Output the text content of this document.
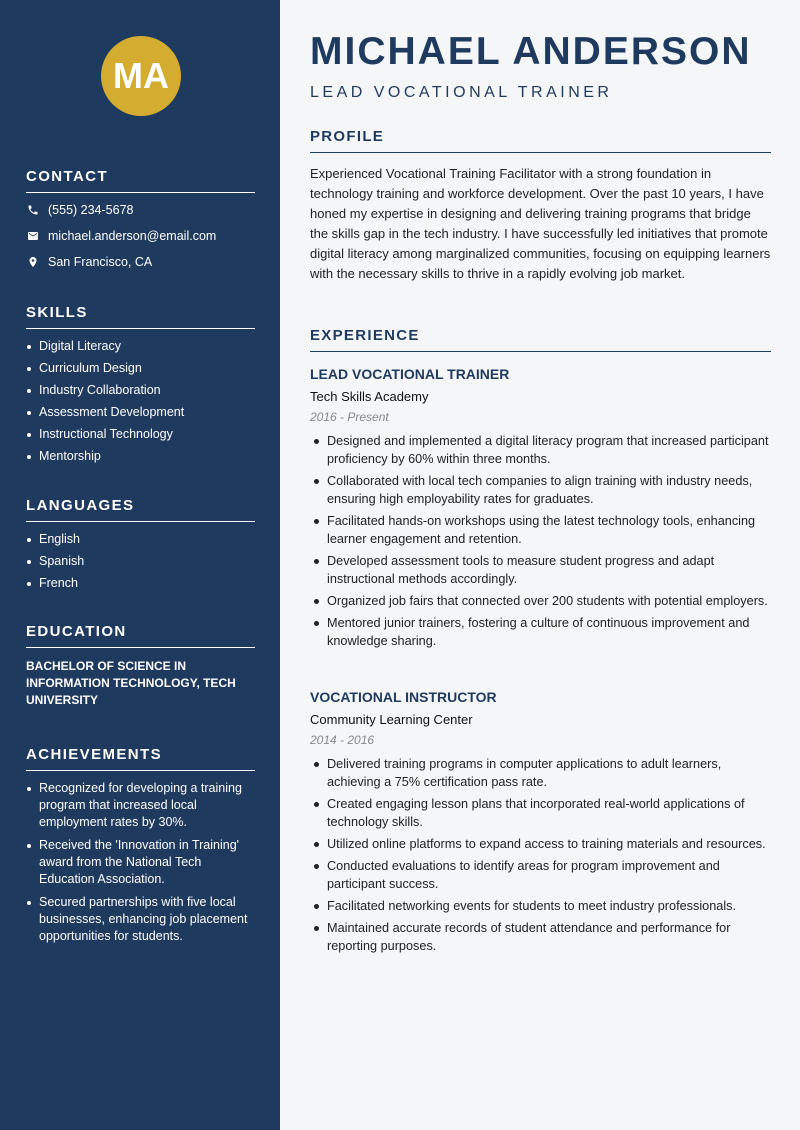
MA
CONTACT
(555) 234-5678
michael.anderson@email.com
San Francisco, CA
SKILLS
Digital Literacy
Curriculum Design
Industry Collaboration
Assessment Development
Instructional Technology
Mentorship
LANGUAGES
English
Spanish
French
EDUCATION
BACHELOR OF SCIENCE IN INFORMATION TECHNOLOGY, TECH UNIVERSITY
ACHIEVEMENTS
Recognized for developing a training program that increased local employment rates by 30%.
Received the 'Innovation in Training' award from the National Tech Education Association.
Secured partnerships with five local businesses, enhancing job placement opportunities for students.
MICHAEL ANDERSON
LEAD VOCATIONAL TRAINER
PROFILE
Experienced Vocational Training Facilitator with a strong foundation in technology training and workforce development. Over the past 10 years, I have honed my expertise in designing and delivering training programs that bridge the skills gap in the tech industry. I have successfully led initiatives that promote digital literacy among marginalized communities, focusing on equipping learners with the necessary skills to thrive in a rapidly evolving job market.
EXPERIENCE
LEAD VOCATIONAL TRAINER
Tech Skills Academy
2016 - Present
Designed and implemented a digital literacy program that increased participant proficiency by 60% within three months.
Collaborated with local tech companies to align training with industry needs, ensuring high employability rates for graduates.
Facilitated hands-on workshops using the latest technology tools, enhancing learner engagement and retention.
Developed assessment tools to measure student progress and adapt instructional methods accordingly.
Organized job fairs that connected over 200 students with potential employers.
Mentored junior trainers, fostering a culture of continuous improvement and knowledge sharing.
VOCATIONAL INSTRUCTOR
Community Learning Center
2014 - 2016
Delivered training programs in computer applications to adult learners, achieving a 75% certification pass rate.
Created engaging lesson plans that incorporated real-world applications of technology skills.
Utilized online platforms to expand access to training materials and resources.
Conducted evaluations to identify areas for program improvement and participant success.
Facilitated networking events for students to meet industry professionals.
Maintained accurate records of student attendance and performance for reporting purposes.
